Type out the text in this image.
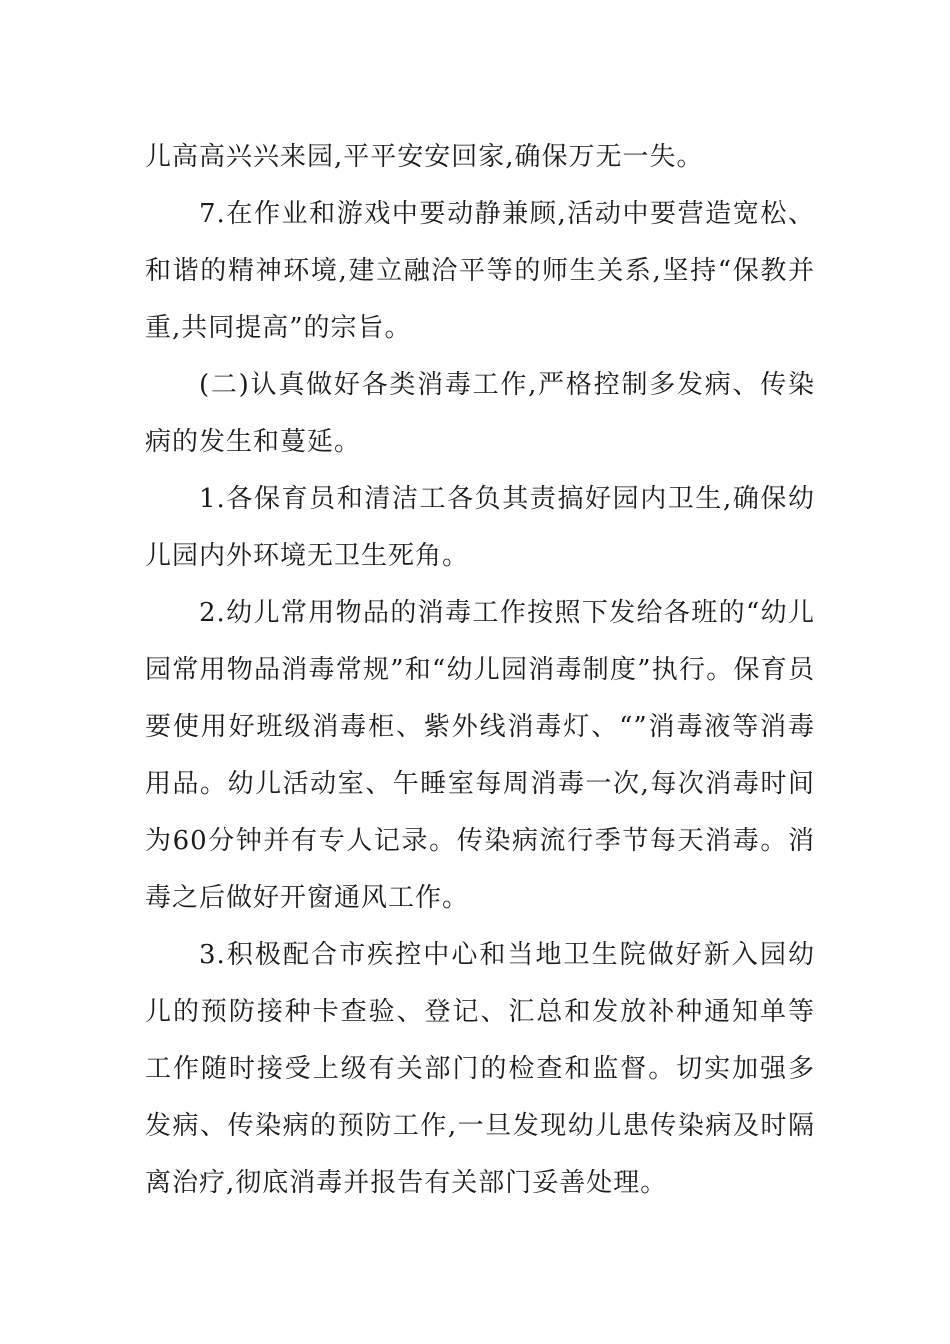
儿高高兴兴来园,平平安安回家,确保万无一失。

7.在作业和游戏中要动静兼顾,活动中要营造宽松、和谐的精神环境,建立融洽平等的师生关系,坚持“保教并重,共同提高”的宗旨。

(二)认真做好各类消毒工作,严格控制多发病、传染病的发生和蔓延。

1.各保育员和清洁工各负其责搞好园内卫生,确保幼儿园内外环境无卫生死角。

2.幼儿常用物品的消毒工作按照下发给各班的“幼儿园常用物品消毒常规”和“幼儿园消毒制度”执行。保育员要使用好班级消毒柜、紫外线消毒灯、“”消毒液等消毒用品。幼儿活动室、午睡室每周消毒一次,每次消毒时间为60分钟并有专人记录。传染病流行季节每天消毒。消毒之后做好开窗通风工作。

3.积极配合市疾控中心和当地卫生院做好新入园幼儿的预防接种卡查验、登记、汇总和发放补种通知单等工作随时接受上级有关部门的检查和监督。切实加强多发病、传染病的预防工作,一旦发现幼儿患传染病及时隔离治疗,彻底消毒并报告有关部门妥善处理。
